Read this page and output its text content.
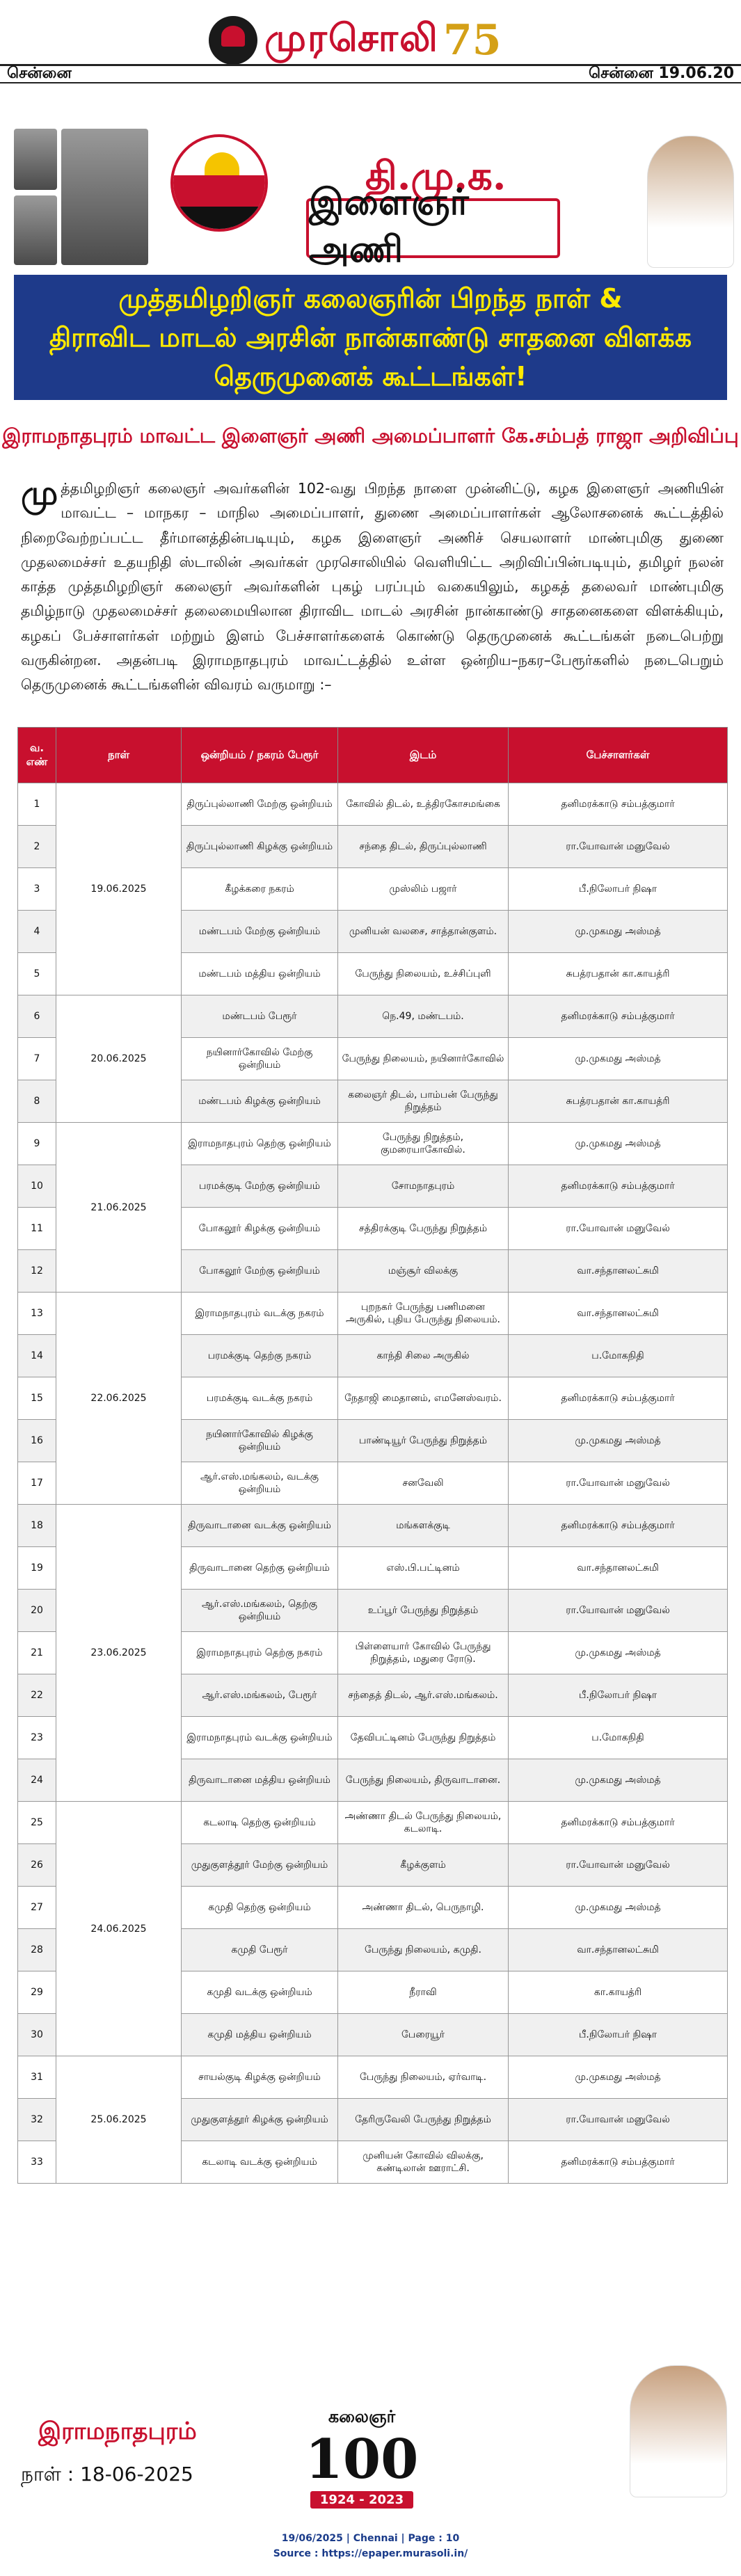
முரசொலி 75
சென்னை	சென்னை 19.06.20
தி.மு.க.
இளைஞர் அணி
முத்தமிழறிஞர் கலைஞரின் பிறந்த நாள் &
திராவிட மாடல் அரசின் நான்காண்டு சாதனை விளக்க
தெருமுனைக் கூட்டங்கள்!
இராமநாதபுரம் மாவட்ட இளைஞர் அணி அமைப்பாளர் கே.சம்பத் ராஜா அறிவிப்பு
முத்தமிழறிஞர் கலைஞர் அவர்களின் 102-வது பிறந்த நாளை முன்னிட்டு, கழக இளைஞர் அணியின் மாவட்ட – மாநகர – மாநில அமைப்பாளர், துணை அமைப்பாளர்கள் ஆலோசனைக் கூட்டத்தில் நிறைவேற்றப்பட்ட தீர்மானத்தின்படியும், கழக இளைஞர் அணிச் செயலாளர் மாண்புமிகு துணை முதலமைச்சர் உதயநிதி ஸ்டாலின் அவர்கள் முரசொலியில் வெளியிட்ட அறிவிப்பின்படியும், தமிழர் நலன் காத்த முத்தமிழறிஞர் கலைஞர் அவர்களின் புகழ் பரப்பும் வகையிலும், கழகத் தலைவர் மாண்புமிகு தமிழ்நாடு முதலமைச்சர் தலைமையிலான திராவிட மாடல் அரசின் நான்காண்டு சாதனைகளை விளக்கியும், கழகப் பேச்சாளர்கள் மற்றும் இளம் பேச்சாளர்களைக் கொண்டு தெருமுனைக் கூட்டங்கள் நடைபெற்று வருகின்றன. அதன்படி இராமநாதபுரம் மாவட்டத்தில் உள்ள ஒன்றிய–நகர–பேரூர்களில் நடைபெறும் தெருமுனைக் கூட்டங்களின் விவரம் வருமாறு :–
வ. எண்	நாள்	ஒன்றியம் / நகரம் பேரூர்	இடம்	பேச்சாளர்கள்
1	19.06.2025	திருப்புல்லாணி மேற்கு ஒன்றியம்	கோவில் திடல், உத்திரகோசமங்கை	தனிமரக்காடு சம்பத்குமார்
2		திருப்புல்லாணி கிழக்கு ஒன்றியம்	சந்தை திடல், திருப்புல்லாணி	ரா.யோவான் மனுவேல்
3		கீழக்கரை நகரம்	முஸ்லிம் பஜார்	பீ.நிலோபர் நிஷா
4		மண்டபம் மேற்கு ஒன்றியம்	முனியன் வலசை, சாத்தான்குளம்.	மு.முகமது அஸ்மத்
5		மண்டபம் மத்திய ஒன்றியம்	பேருந்து நிலையம், உச்சிப்புளி	சுபத்ரபதான் கா.காயத்ரி
6	20.06.2025	மண்டபம் பேரூர்	நெ.49, மண்டபம்.	தனிமரக்காடு சம்பத்குமார்
7		நயினார்கோவில் மேற்கு ஒன்றியம்	பேருந்து நிலையம், நயினார்கோவில்	மு.முகமது அஸ்மத்
8		மண்டபம் கிழக்கு ஒன்றியம்	கலைஞர் திடல், பாம்பன் பேருந்து நிறுத்தம்	சுபத்ரபதான் கா.காயத்ரி
9	21.06.2025	இராமநாதபுரம் தெற்கு ஒன்றியம்	பேருந்து நிறுத்தம், குமரையாகோவில்.	மு.முகமது அஸ்மத்
10		பரமக்குடி மேற்கு ஒன்றியம்	சோமநாதபுரம்	தனிமரக்காடு சம்பத்குமார்
11		போகலூர் கிழக்கு ஒன்றியம்	சத்திரக்குடி பேருந்து நிறுத்தம்	ரா.யோவான் மனுவேல்
12		போகலூர் மேற்கு ஒன்றியம்	மஞ்சூர் விலக்கு	வா.சந்தானலட்சுமி
13	22.06.2025	இராமநாதபுரம் வடக்கு நகரம்	புறநகர் பேருந்து பணிமனை அருகில், புதிய பேருந்து நிலையம்.	வா.சந்தானலட்சுமி
14		பரமக்குடி தெற்கு நகரம்	காந்தி சிலை அருகில்	ப.மோகநிதி
15		பரமக்குடி வடக்கு நகரம்	நேதாஜி மைதானம், எமனேஸ்வரம்.	தனிமரக்காடு சம்பத்குமார்
16		நயினார்கோவில் கிழக்கு ஒன்றியம்	பாண்டியூர் பேருந்து நிறுத்தம்	மு.முகமது அஸ்மத்
17		ஆர்.எஸ்.மங்கலம், வடக்கு ஒன்றியம்	சனவேலி	ரா.யோவான் மனுவேல்
18	23.06.2025	திருவாடானை வடக்கு ஒன்றியம்	மங்களக்குடி	தனிமரக்காடு சம்பத்குமார்
19		திருவாடானை தெற்கு ஒன்றியம்	எஸ்.பி.பட்டினம்	வா.சந்தானலட்சுமி
20		ஆர்.எஸ்.மங்கலம், தெற்கு ஒன்றியம்	உப்பூர் பேருந்து நிறுத்தம்	ரா.யோவான் மனுவேல்
21		இராமநாதபுரம் தெற்கு நகரம்	பிள்ளையார் கோவில் பேருந்து நிறுத்தம், மதுரை ரோடு.	மு.முகமது அஸ்மத்
22		ஆர்.எஸ்.மங்கலம், பேரூர்	சந்தைத் திடல், ஆர்.எஸ்.மங்கலம்.	பீ.நிலோபர் நிஷா
23		இராமநாதபுரம் வடக்கு ஒன்றியம்	தேவிபட்டினம் பேருந்து நிறுத்தம்	ப.மோகநிதி
24		திருவாடானை மத்திய ஒன்றியம்	பேருந்து நிலையம், திருவாடானை.	மு.முகமது அஸ்மத்
25	24.06.2025	கடலாடி தெற்கு ஒன்றியம்	அண்ணா திடல் பேருந்து நிலையம், கடலாடி.	தனிமரக்காடு சம்பத்குமார்
26		முதுகுளத்தூர் மேற்கு ஒன்றியம்	கீழக்குளம்	ரா.யோவான் மனுவேல்
27		கமுதி தெற்கு ஒன்றியம்	அண்ணா திடல், பெருநாழி.	மு.முகமது அஸ்மத்
28		கமுதி பேரூர்	பேருந்து நிலையம், கமுதி.	வா.சந்தானலட்சுமி
29		கமுதி வடக்கு ஒன்றியம்	நீராவி	கா.காயத்ரி
30		கமுதி மத்திய ஒன்றியம்	பேரையூர்	பீ.நிலோபர் நிஷா
31	25.06.2025	சாயல்குடி கிழக்கு ஒன்றியம்	பேருந்து நிலையம், ஏர்வாடி.	மு.முகமது அஸ்மத்
32		முதுகுளத்தூர் கிழக்கு ஒன்றியம்	தேரிருவேலி பேருந்து நிறுத்தம்	ரா.யோவான் மனுவேல்
33		கடலாடி வடக்கு ஒன்றியம்	முனியன் கோவில் விலக்கு, கண்டிலான் ஊராட்சி.	தனிமரக்காடு சம்பத்குமார்
இராமநாதபுரம்
நாள் : 18-06-2025
கலைஞர்
100
1924 - 2023
19/06/2025 | Chennai | Page : 10
Source : https://epaper.murasoli.in/
